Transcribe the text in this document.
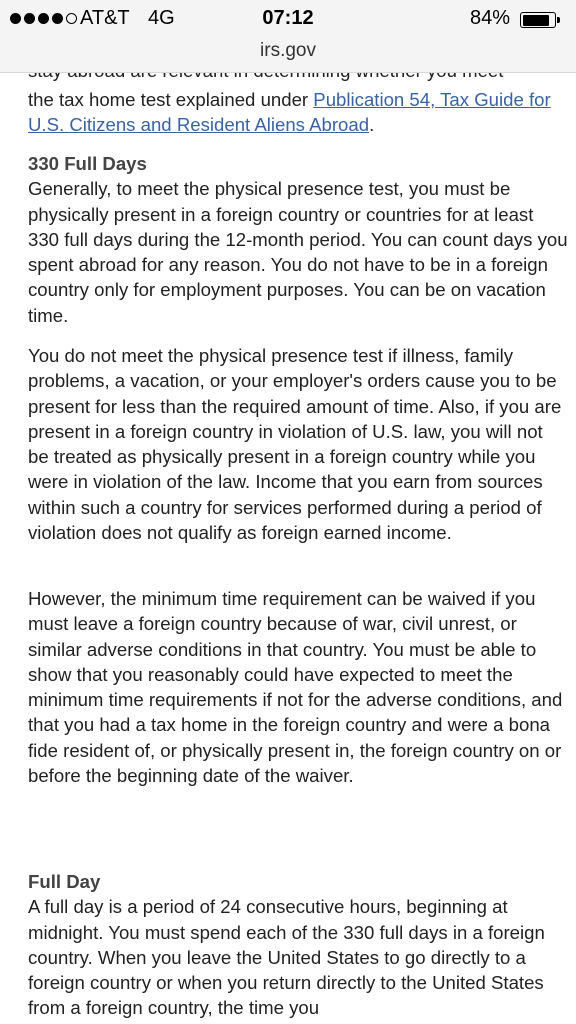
AT&T 4G	07:12	84%
irs.gov

the tax home test explained under Publication 54, Tax Guide for U.S. Citizens and Resident Aliens Abroad.

330 Full Days

Generally, to meet the physical presence test, you must be physically present in a foreign country or countries for at least 330 full days during the 12-month period. You can count days you spent abroad for any reason. You do not have to be in a foreign country only for employment purposes. You can be on vacation time.

You do not meet the physical presence test if illness, family problems, a vacation, or your employer's orders cause you to be present for less than the required amount of time. Also, if you are present in a foreign country in violation of U.S. law, you will not be treated as physically present in a foreign country while you were in violation of the law. Income that you earn from sources within such a country for services performed during a period of violation does not qualify as foreign earned income.

However, the minimum time requirement can be waived if you must leave a foreign country because of war, civil unrest, or similar adverse conditions in that country. You must be able to show that you reasonably could have expected to meet the minimum time requirements if not for the adverse conditions, and that you had a tax home in the foreign country and were a bona fide resident of, or physically present in, the foreign country on or before the beginning date of the waiver.

Full Day

A full day is a period of 24 consecutive hours, beginning at midnight. You must spend each of the 330 full days in a foreign country. When you leave the United States to go directly to a foreign country or when you return directly to the United States from a foreign country, the time you
